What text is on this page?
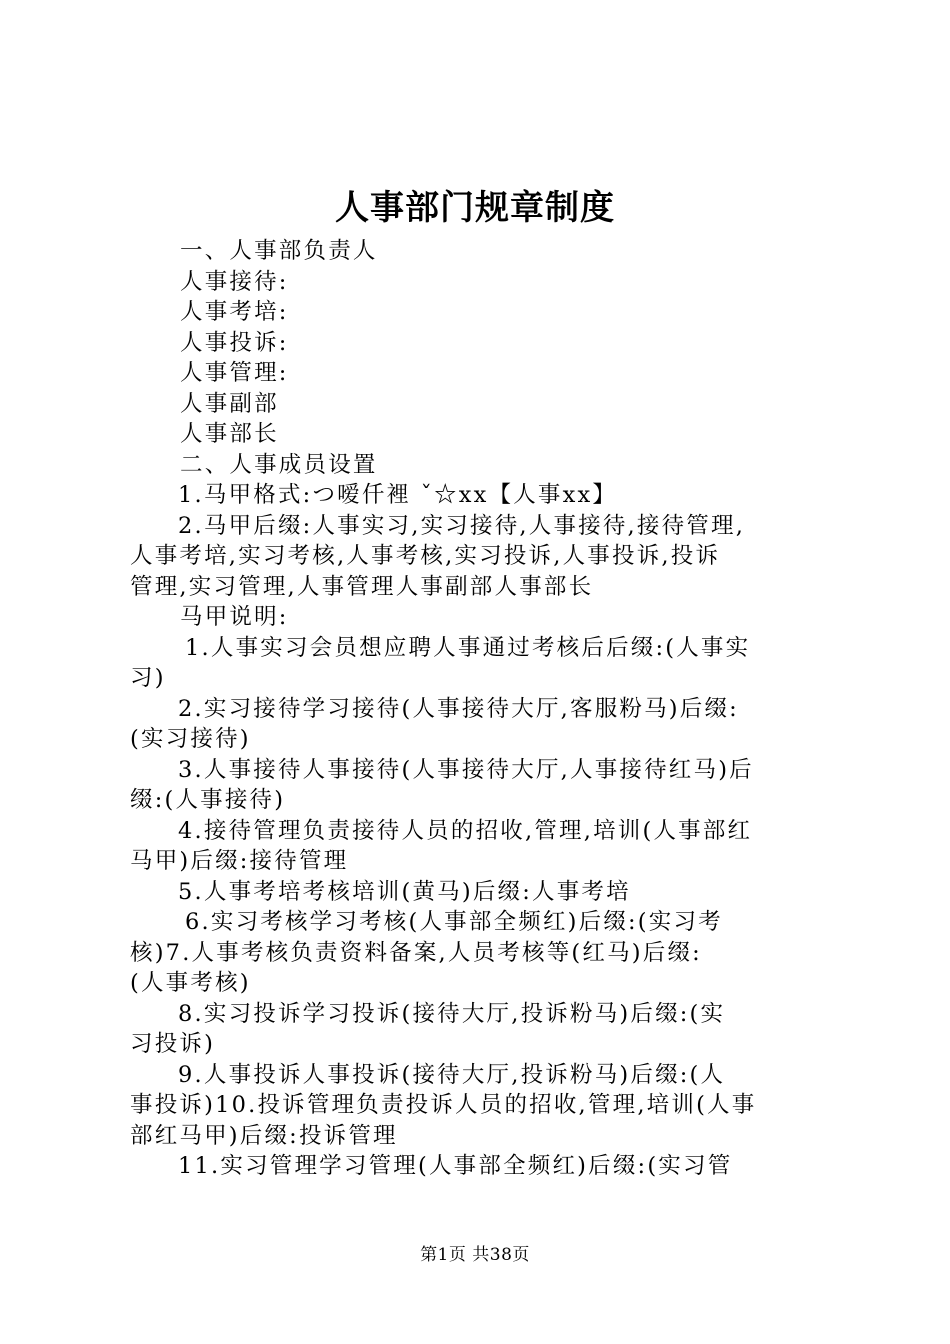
人事部门规章制度
一、人事部负责人
人事接待:
人事考培:
人事投诉:
人事管理:
人事副部
人事部长
二、人事成员设置
1.马甲格式:つ嗳仟裡 ˇ☆xx【人事xx】
2.马甲后缀:人事实习,实习接待,人事接待,接待管理,
人事考培,实习考核,人事考核,实习投诉,人事投诉,投诉
管理,实习管理,人事管理人事副部人事部长
马甲说明:
1.人事实习会员想应聘人事通过考核后后缀:(人事实
习)
2.实习接待学习接待(人事接待大厅,客服粉马)后缀:
(实习接待)
3.人事接待人事接待(人事接待大厅,人事接待红马)后
缀:(人事接待)
4.接待管理负责接待人员的招收,管理,培训(人事部红
马甲)后缀:接待管理
5.人事考培考核培训(黄马)后缀:人事考培
6.实习考核学习考核(人事部全频红)后缀:(实习考
核)7.人事考核负责资料备案,人员考核等(红马)后缀:
(人事考核)
8.实习投诉学习投诉(接待大厅,投诉粉马)后缀:(实
习投诉)
9.人事投诉人事投诉(接待大厅,投诉粉马)后缀:(人
事投诉)10.投诉管理负责投诉人员的招收,管理,培训(人事
部红马甲)后缀:投诉管理
11.实习管理学习管理(人事部全频红)后缀:(实习管
第1页 共38页
